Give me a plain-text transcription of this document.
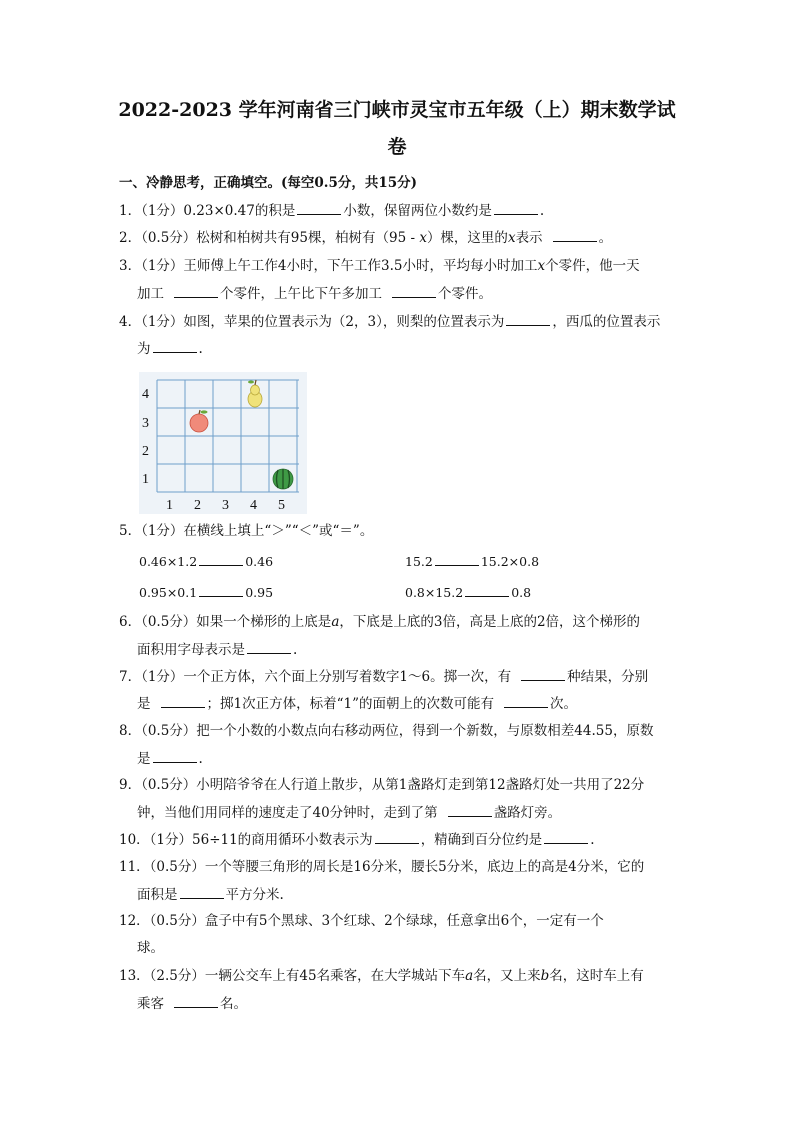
2022-2023 学年河南省三门峡市灵宝市五年级（上）期末数学试
卷
一、冷静思考，正确填空。(每空0.5分，共15分)
1．（1分）0.23×0.47的积是	小数，保留两位小数约是	.
2．（0.5分）松树和柏树共有95棵，柏树有（95 - x）棵，这里的x表示	。
3．（1分）王师傅上午工作4小时，下午工作3.5小时，平均每小时加工x个零件，他一天
加工	个零件，上午比下午多加工	个零件。
4．（1分）如图，苹果的位置表示为（2，3），则梨的位置表示为	，西瓜的位置表示
为	.
4
3
2
1
1 2 3 4 5
5．（1分）在横线上填上“＞”“＜”或“＝”。
0.46×1.2	0.46	15.2	15.2×0.8
0.95×0.1	0.95	0.8×15.2	0.8
6．（0.5分）如果一个梯形的上底是a，下底是上底的3倍，高是上底的2倍，这个梯形的
面积用字母表示是	.
7．（1分）一个正方体，六个面上分别写着数字1～6。掷一次，有	种结果，分别
是	；掷1次正方体，标着“1”的面朝上的次数可能有	次。
8．（0.5分）把一个小数的小数点向右移动两位，得到一个新数，与原数相差44.55，原数
是	.
9．（0.5分）小明陪爷爷在人行道上散步，从第1盏路灯走到第12盏路灯处一共用了22分
钟，当他们用同样的速度走了40分钟时，走到了第	盏路灯旁。
10．（1分）56÷11的商用循环小数表示为	，精确到百分位约是	.
11．（0.5分）一个等腰三角形的周长是16分米，腰长5分米，底边上的高是4分米，它的
面积是	平方分米.
12．（0.5分）盒子中有5个黑球、3个红球、2个绿球，任意拿出6个，一定有一个
球。
13．（2.5分）一辆公交车上有45名乘客，在大学城站下车a名，又上来b名，这时车上有
乘客	名。
